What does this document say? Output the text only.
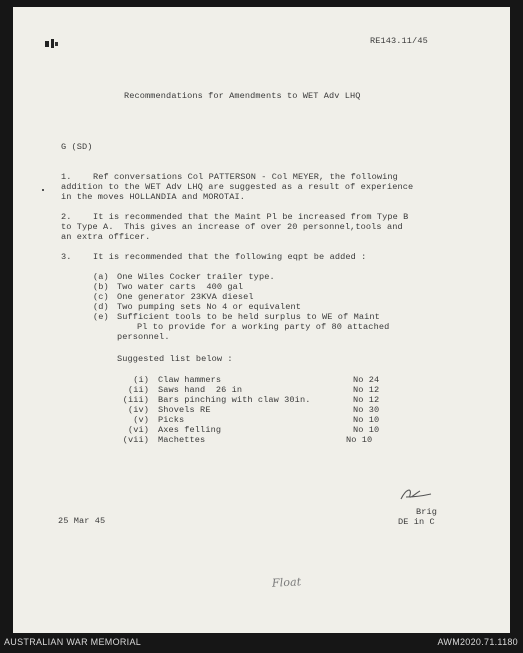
RE143.11/45
Recommendations for Amendments to WET Adv LHQ
G (SD)
1. Ref conversations Col PATTERSON - Col MEYER, the following
addition to the WET Adv LHQ are suggested as a result of experience
in the moves HOLLANDIA and MOROTAI.
2. It is recommended that the Maint Pl be increased from Type B
to Type A.  This gives an increase of over 20 personnel,tools and
an extra officer.
3. It is recommended that the following eqpt be added :
(a) One Wiles Cocker trailer type.
(b) Two water carts  400 gal
(c) One generator 23KVA diesel
(d) Two pumping sets No 4 or equivalent
(e) Sufficient tools to be held surplus to WE of Maint
Pl to provide for a working party of 80 attached
personnel.
Suggested list below :
(i) Claw hammers	No 24
(ii) Saws hand  26 in	No 12
(iii) Bars pinching with claw 30in.	No 12
(iv) Shovels RE	No 30
(v) Picks	No 10
(vi) Axes felling	No 10
(vii) Machettes	No 10
25 Mar 45
Brig
DE in C
Float
AUSTRALIAN WAR MEMORIAL	AWM2020.71.1180
